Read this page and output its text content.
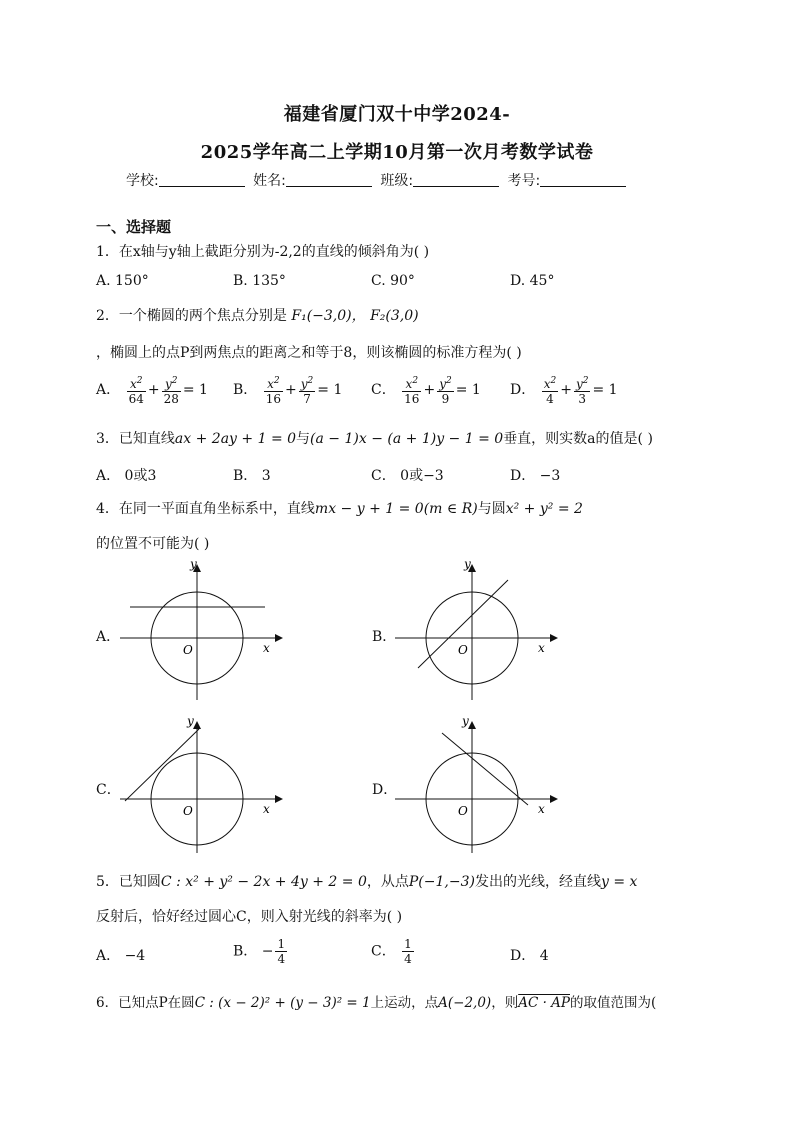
福建省厦门双十中学2024-
2025学年高二上学期10月第一次月考数学试卷
学校:	姓名:	班级:	考号:
一、选择题
1．在x轴与y轴上截距分别为-2,2的直线的倾斜角为( )
A. 150°	B. 135°	C. 90°	D. 45°
2．一个椭圆的两个焦点分别是 F₁(−3,0)， F₂(3,0)
，椭圆上的点P到两焦点的距离之和等于8，则该椭圆的标准方程为( )
A． $\frac{x^2}{64} + \frac{y^2}{28} = 1$ B． $\frac{x^2}{16} + \frac{y^2}{7} = 1$ C． $\frac{x^2}{16} + \frac{y^2}{9} = 1$ D． $\frac{x^2}{4} + \frac{y^2}{3} = 1$
3．已知直线ax + 2ay + 1 = 0与(a − 1)x − (a + 1)y − 1 = 0垂直，则实数a的值是( )
A． 0或3	B． 3	C． 0或−3	D． −3
4．在同一平面直角坐标系中，直线mx − y + 1 = 0(m ∈ R)与圆x² + y² = 2
的位置不可能为( )
A．	B．
C．	D．
y
x
O
y
x
O
y
x
O
y
x
O
5．已知圆C : x² + y² − 2x + 4y + 2 = 0，从点P(−1,−3)发出的光线，经直线y = x
反射后，恰好经过圆心C，则入射光线的斜率为( )
A． −4	B． − $\frac{1}{4}$	C． $\frac{1}{4}$	D． 4
6．已知点P在圆C : (x − 2)² + (y − 3)² = 1上运动，点A(−2,0)，则AC · AP的取值范围为(
